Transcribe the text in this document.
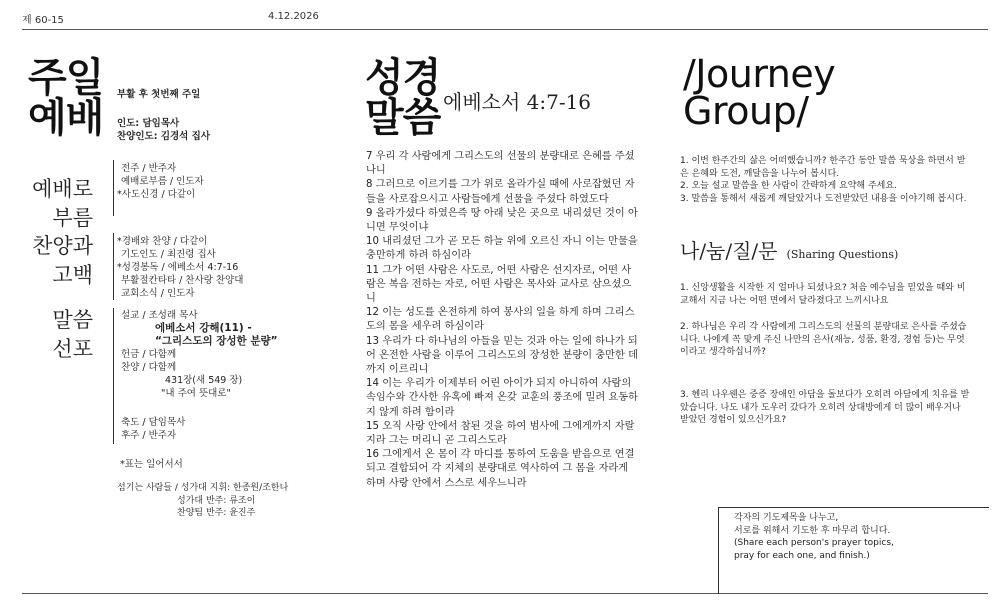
제 60-15	4.12.2026
주일
예배
부활 후 첫번째 주일
인도: 담임목사
찬양인도: 김경석 집사
예배로
부름
찬양과
고백
말씀
선포

전주 / 반주자

예배로부름 / 인도자

*사도신경 / 다같이

*경배와 찬양 / 다같이

기도인도 / 최진령 집사

*성경봉독 / 에베소서 4:7-16

부활절칸타타 / 찬사랑 찬양대

교회소식 / 인도자

설교 / 조성래 목사

에베소서 강해(11) -

“그리스도의 장성한 분량”

헌금 / 다함께

찬양 / 다함께

431장(새 549 장)

"내 주여 뜻대로"

축도 / 담임목사

후주 / 반주자

*표는 일어서서

섬기는 사람들 / 성가대 지휘: 한종원/조한나

성가대 반주: 류조이

찬양팀 반주: 윤진주

성경
말씀 에베소서 4:7-16

7 우리 각 사람에게 그리스도의 선물의 분량대로 은혜를 주셨나니

8 그러므로 이르기를 그가 위로 올라가실 때에 사로잡혔던 자들을 사로잡으시고 사람들에게 선물을 주셨다 하였도다

9 올라가셨다 하였은즉 땅 아래 낮은 곳으로 내리셨던 것이 아니면 무엇이냐

10 내리셨던 그가 곧 모든 하늘 위에 오르신 자니 이는 만물을 충만하게 하려 하심이라

11 그가 어떤 사람은 사도로, 어떤 사람은 선지자로, 어떤 사람은 복음 전하는 자로, 어떤 사람은 목사와 교사로 삼으셨으니

12 이는 성도를 온전하게 하여 봉사의 일을 하게 하며 그리스도의 몸을 세우려 하심이라

13 우리가 다 하나님의 아들을 믿는 것과 아는 일에 하나가 되어 온전한 사람을 이루어 그리스도의 장성한 분량이 충만한 데까지 이르리니

14 이는 우리가 이제부터 어린 아이가 되지 아니하여 사람의 속임수와 간사한 유혹에 빠져 온갖 교훈의 풍조에 밀려 요동하지 않게 하려 함이라

15 오직 사랑 안에서 참된 것을 하여 범사에 그에게까지 자랄지라 그는 머리니 곧 그리스도라

16 그에게서 온 몸이 각 마디를 통하여 도움을 받음으로 연결되고 결합되어 각 지체의 분량대로 역사하여 그 몸을 자라게 하며 사랑 안에서 스스로 세우느니라

/Journey
Group/

1. 이번 한주간의 삶은 어떠했습니까? 한주간 동안 말씀 묵상을 하면서 받은 은혜와 도전, 깨달음을 나누어 봅시다.

2. 오늘 설교 말씀을 한 사람이 간략하게 요약해 주세요.

3. 말씀을 통해서 새롭게 깨달았거나 도전받았던 내용을 이야기해 봅시다.

나/눔/질/문 (Sharing Questions)
1. 신앙생활을 시작한 지 얼마나 되셨나요? 처음 예수님을 믿었을 때와 비교해서 지금 나는 어떤 면에서 달라졌다고 느끼시나요
2. 하나님은 우리 각 사람에게 그리스도의 선물의 분량대로 은사를 주셨습니다. 나에게 꼭 맞게 주신 나만의 은사(재능, 성품, 환경, 경험 등)는 무엇이라고 생각하십니까?
3. 헨리 나우웬은 중증 장애인 아담을 돌보다가 오히려 아담에게 치유를 받았습니다. 나도 내가 도우러 갔다가 오히려 상대방에게 더 많이 배우거나 받았던 경험이 있으신가요?

각자의 기도제목을 나누고,

서로를 위해서 기도한 후 마무리 합니다.

(Share each person's prayer topics,

pray for each one, and finish.)
